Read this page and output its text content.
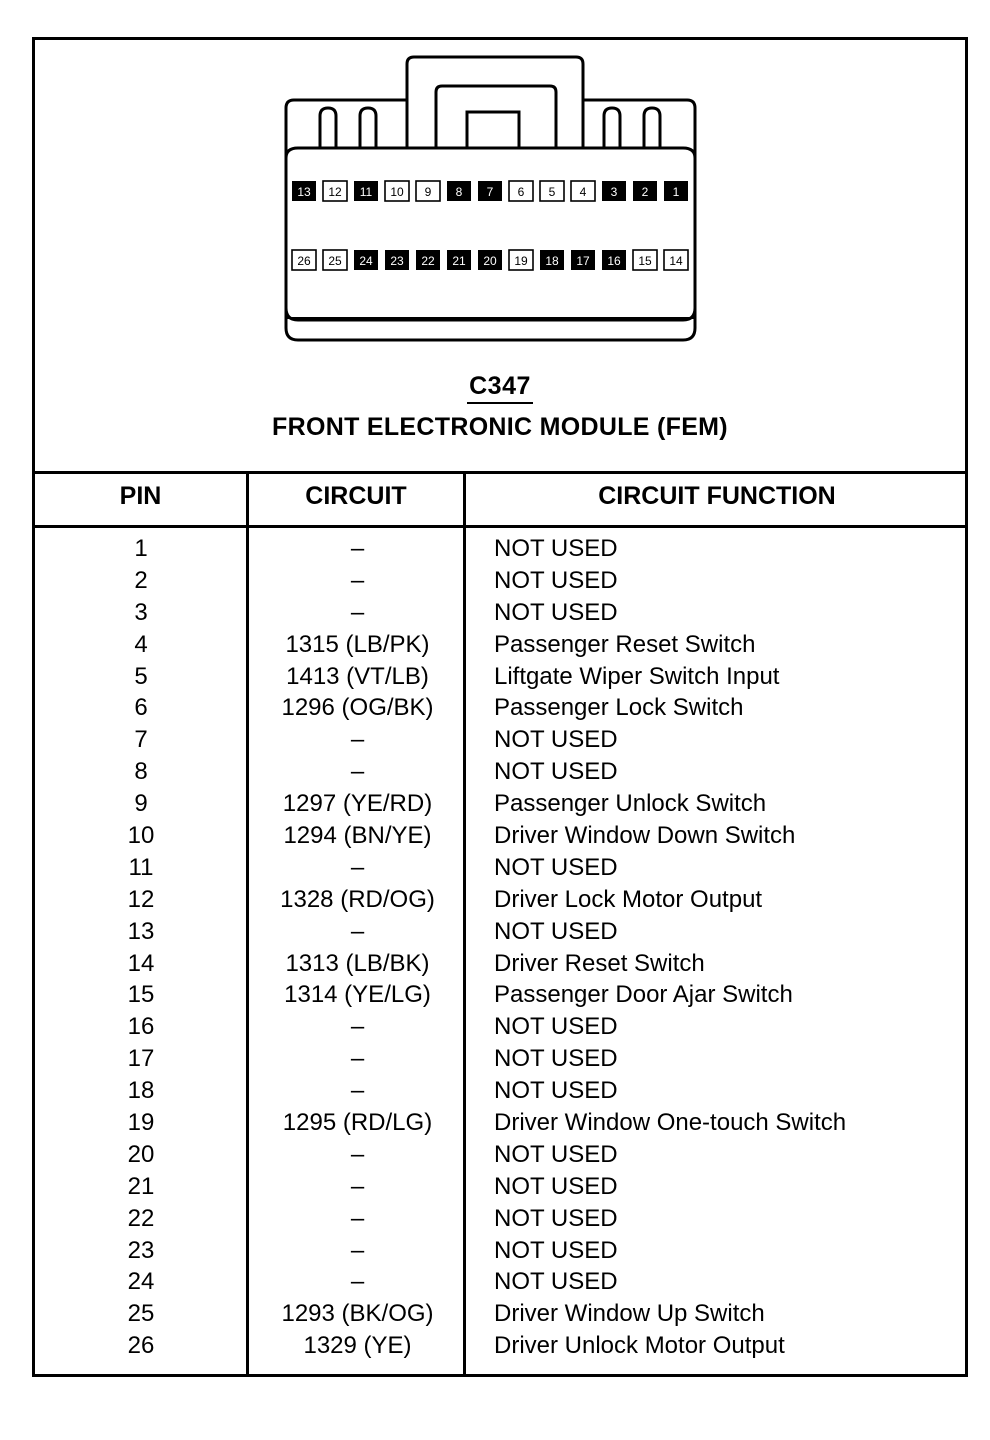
13 12 11 10 9 8 7 6 5 4 3 2 1
26 25 24 23 22 21 20 19 18 17 16 15 14
C347
FRONT ELECTRONIC MODULE (FEM)
PIN	CIRCUIT	CIRCUIT FUNCTION
1	–	NOT USED
2	–	NOT USED
3	–	NOT USED
4	1315 (LB/PK)	Passenger Reset Switch
5	1413 (VT/LB)	Liftgate Wiper Switch Input
6	1296 (OG/BK)	Passenger Lock Switch
7	–	NOT USED
8	–	NOT USED
9	1297 (YE/RD)	Passenger Unlock Switch
10	1294 (BN/YE)	Driver Window Down Switch
11	–	NOT USED
12	1328 (RD/OG)	Driver Lock Motor Output
13	–	NOT USED
14	1313 (LB/BK)	Driver Reset Switch
15	1314 (YE/LG)	Passenger Door Ajar Switch
16	–	NOT USED
17	–	NOT USED
18	–	NOT USED
19	1295 (RD/LG)	Driver Window One-touch Switch
20	–	NOT USED
21	–	NOT USED
22	–	NOT USED
23	–	NOT USED
24	–	NOT USED
25	1293 (BK/OG)	Driver Window Up Switch
26	1329 (YE)	Driver Unlock Motor Output
